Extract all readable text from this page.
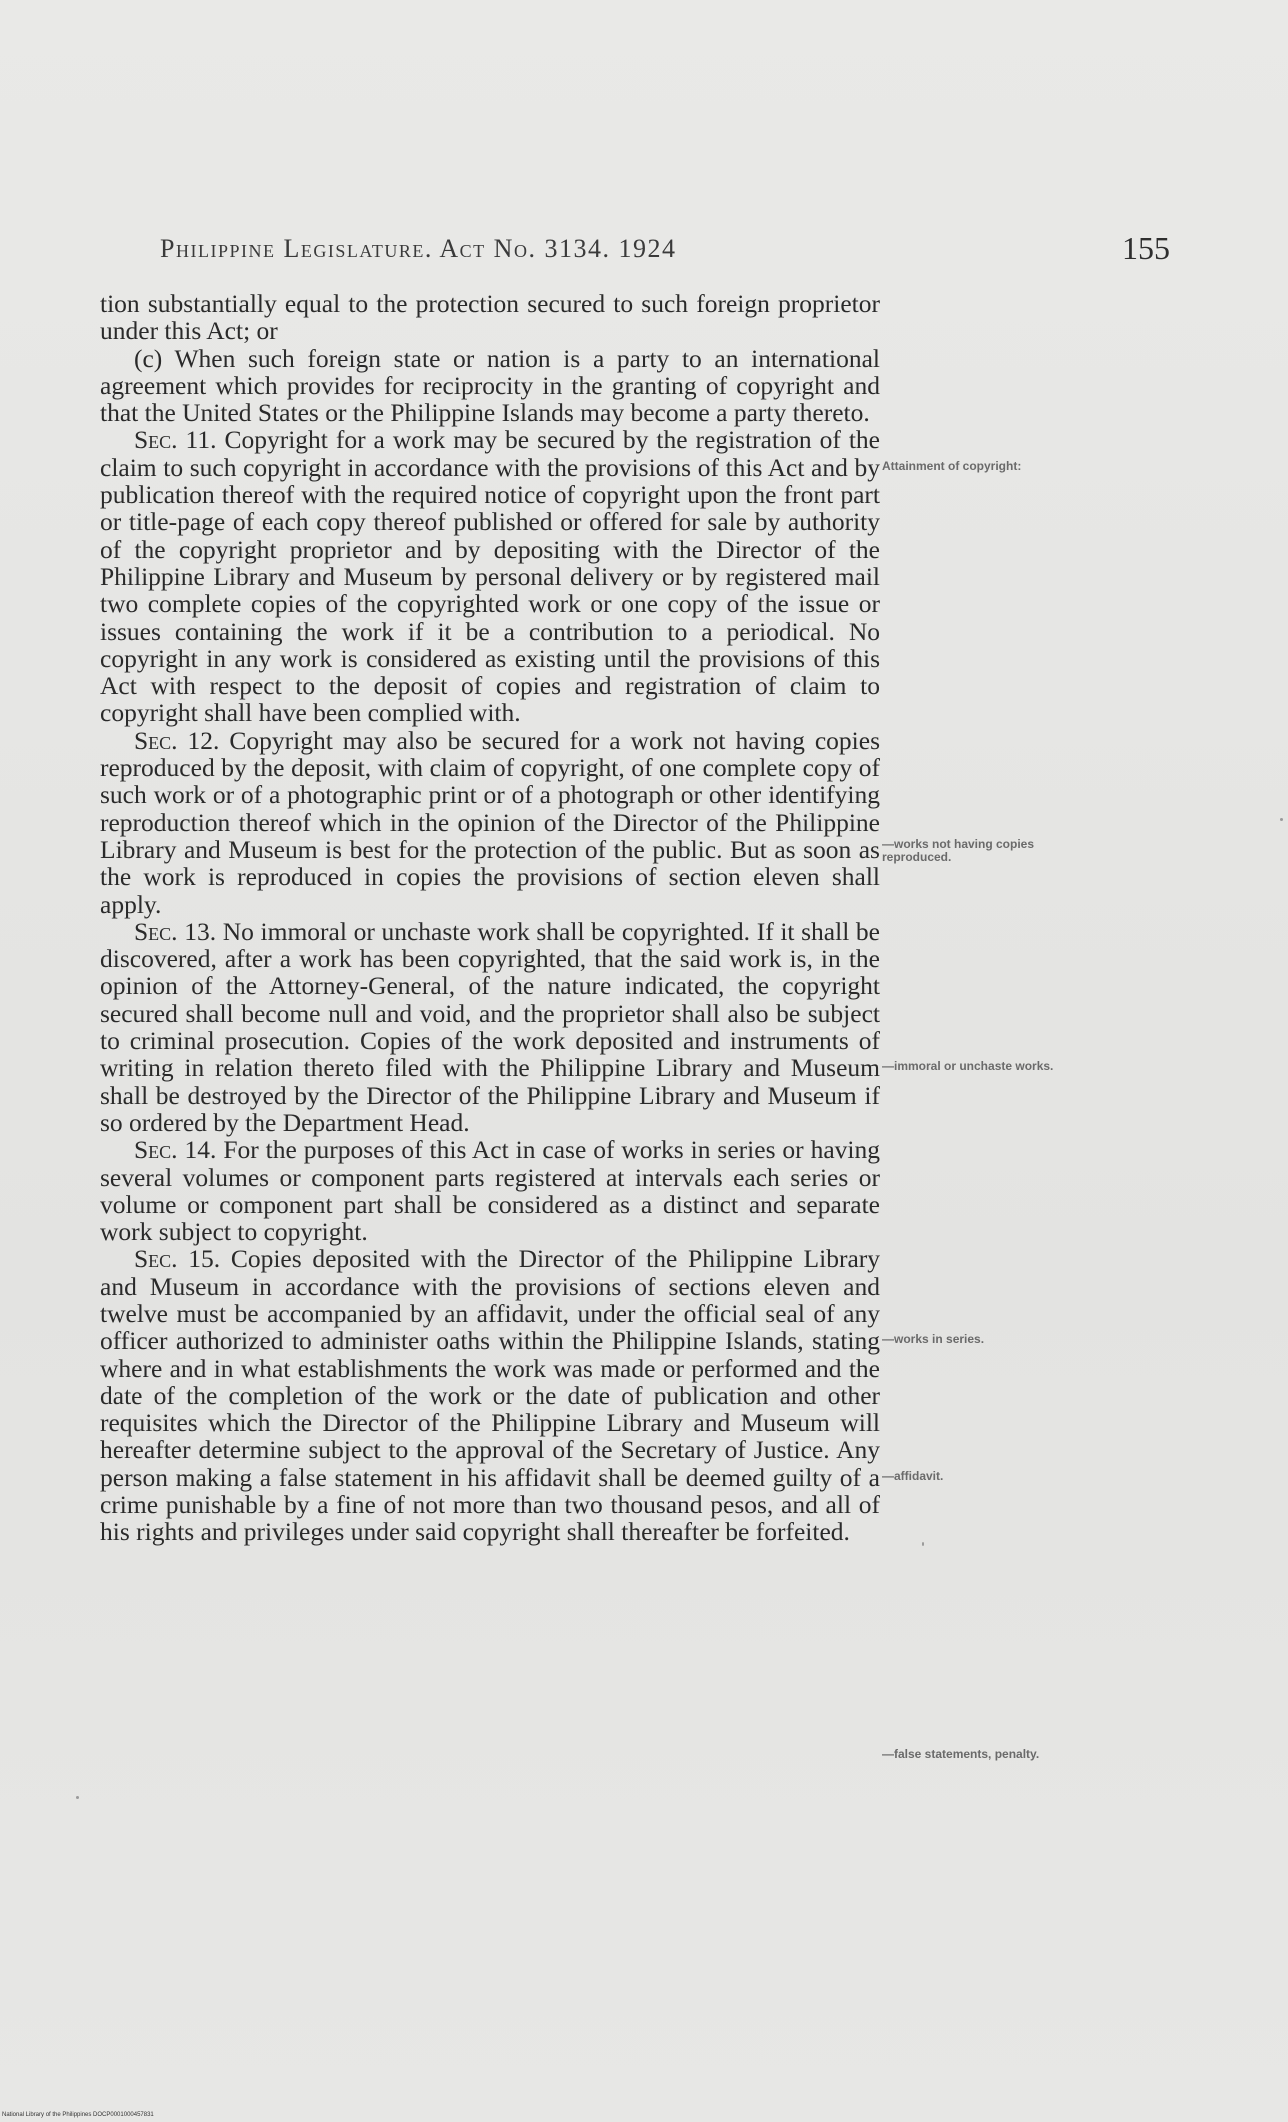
Philippine Legislature. Act No. 3134. 1924	155

tion substantially equal to the protection secured to such foreign proprietor under this Act; or

(c) When such foreign state or nation is a party to an international agreement which provides for reciprocity in the granting of copyright and that the United States or the Philippine Islands may become a party thereto.

Sec. 11. Copyright for a work may be secured by the registration of the claim to such copyright in accordance with the provisions of this Act and by publication thereof with the required notice of copyright upon the front part or title-page of each copy thereof published or offered for sale by authority of the copyright proprietor and by depositing with the Director of the Philippine Library and Museum by personal delivery or by registered mail two complete copies of the copyrighted work or one copy of the issue or issues containing the work if it be a contribution to a periodical. No copyright in any work is considered as existing until the provisions of this Act with respect to the deposit of copies and registration of claim to copyright shall have been complied with.

Sec. 12. Copyright may also be secured for a work not having copies reproduced by the deposit, with claim of copyright, of one complete copy of such work or of a photographic print or of a photograph or other identifying reproduction thereof which in the opinion of the Director of the Philippine Library and Museum is best for the protection of the public. But as soon as the work is reproduced in copies the provisions of section eleven shall apply.

Sec. 13. No immoral or unchaste work shall be copyrighted. If it shall be discovered, after a work has been copyrighted, that the said work is, in the opinion of the Attorney-General, of the nature indicated, the copyright secured shall become null and void, and the proprietor shall also be subject to criminal prosecution. Copies of the work deposited and instruments of writing in relation thereto filed with the Philippine Library and Museum shall be destroyed by the Director of the Philippine Library and Museum if so ordered by the Department Head.

Sec. 14. For the purposes of this Act in case of works in series or having several volumes or component parts registered at intervals each series or volume or component part shall be considered as a distinct and separate work subject to copyright.

Sec. 15. Copies deposited with the Director of the Philippine Library and Museum in accordance with the provisions of sections eleven and twelve must be accompanied by an affidavit, under the official seal of any officer authorized to administer oaths within the Philippine Islands, stating where and in what establishments the work was made or performed and the date of the completion of the work or the date of publication and other requisites which the Director of the Philippine Library and Museum will hereafter determine subject to the approval of the Secretary of Justice. Any person making a false statement in his affidavit shall be deemed guilty of a crime punishable by a fine of not more than two thousand pesos, and all of his rights and privileges under said copyright shall thereafter be forfeited.

Attainment of copyright:
—works not having copies reproduced.
—immoral or unchaste works.
—works in series.
—affidavit.
—false statements, penalty.
National Library of the Philippines DOCP0001000457831
